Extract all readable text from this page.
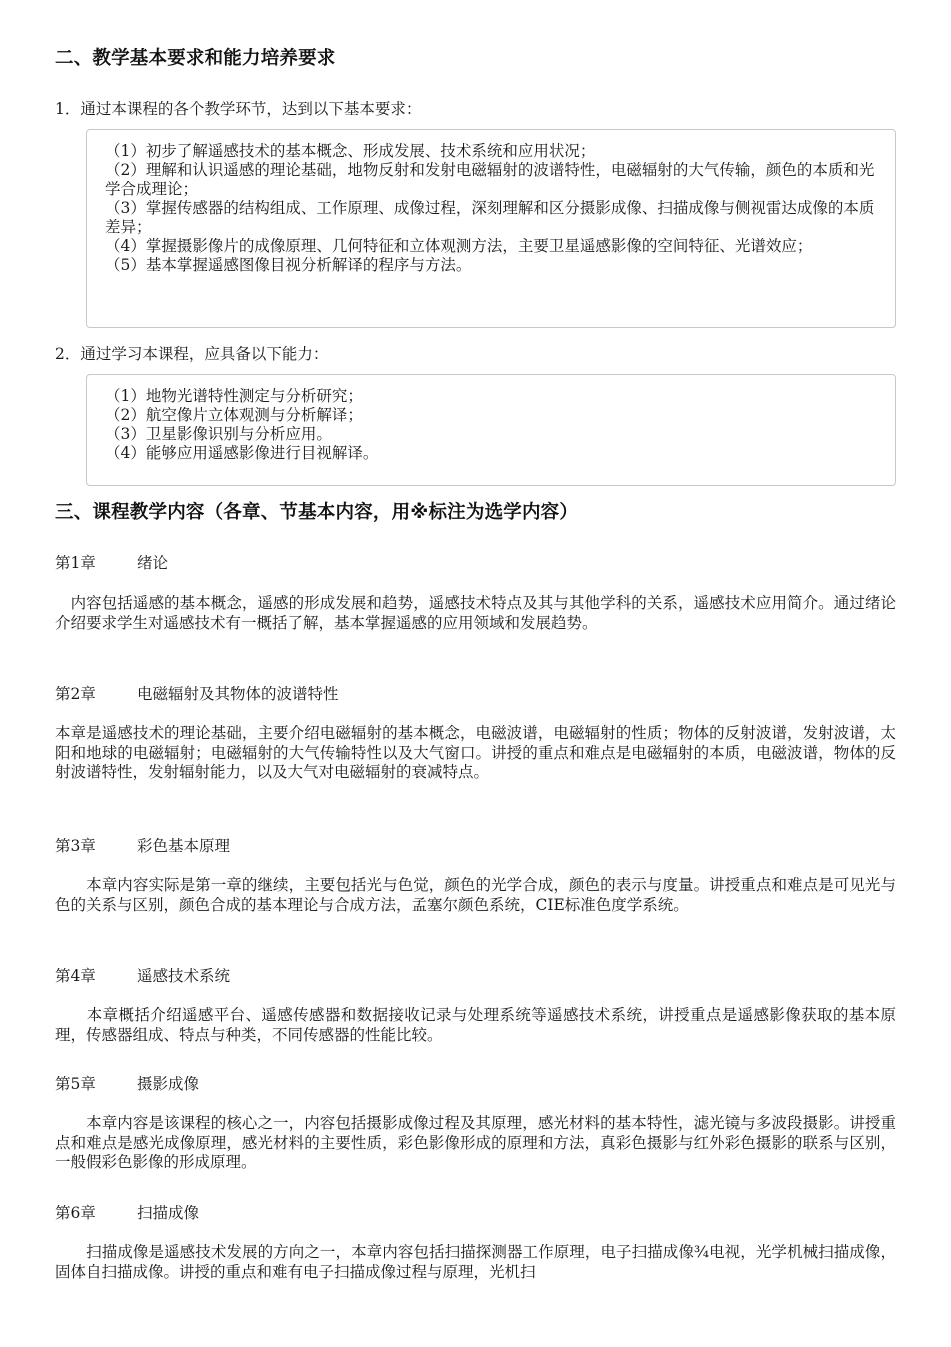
二、教学基本要求和能力培养要求
1．通过本课程的各个教学环节，达到以下基本要求：
（1）初步了解遥感技术的基本概念、形成发展、技术系统和应用状况；
（2）理解和认识遥感的理论基础，地物反射和发射电磁辐射的波谱特性，电磁辐射的大气传输，颜色的本质和光学合成理论；
（3）掌握传感器的结构组成、工作原理、成像过程，深刻理解和区分摄影成像、扫描成像与侧视雷达成像的本质差异；
（4）掌握摄影像片的成像原理、几何特征和立体观测方法，主要卫星遥感影像的空间特征、光谱效应；
（5）基本掌握遥感图像目视分析解译的程序与方法。
2．通过学习本课程，应具备以下能力：
（1）地物光谱特性测定与分析研究；
（2）航空像片立体观测与分析解译；
（3）卫星影像识别与分析应用。
（4）能够应用遥感影像进行目视解译。
三、课程教学内容（各章、节基本内容，用※标注为选学内容）
第1章	绪论
　内容包括遥感的基本概念，遥感的形成发展和趋势，遥感技术特点及其与其他学科的关系，遥感技术应用简介。通过绪论介绍要求学生对遥感技术有一概括了解，基本掌握遥感的应用领域和发展趋势。
第2章	电磁辐射及其物体的波谱特性
本章是遥感技术的理论基础，主要介绍电磁辐射的基本概念，电磁波谱，电磁辐射的性质；物体的反射波谱，发射波谱，太阳和地球的电磁辐射；电磁辐射的大气传输特性以及大气窗口。讲授的重点和难点是电磁辐射的本质，电磁波谱，物体的反射波谱特性，发射辐射能力，以及大气对电磁辐射的衰减特点。
第3章	彩色基本原理
　　本章内容实际是第一章的继续，主要包括光与色觉，颜色的光学合成，颜色的表示与度量。讲授重点和难点是可见光与色的关系与区别，颜色合成的基本理论与合成方法，孟塞尔颜色系统，CIE标准色度学系统。
第4章	遥感技术系统
　　本章概括介绍遥感平台、遥感传感器和数据接收记录与处理系统等遥感技术系统，讲授重点是遥感影像获取的基本原理，传感器组成、特点与种类，不同传感器的性能比较。
第5章	摄影成像
　　本章内容是该课程的核心之一，内容包括摄影成像过程及其原理，感光材料的基本特性，滤光镜与多波段摄影。讲授重点和难点是感光成像原理，感光材料的主要性质，彩色影像形成的原理和方法，真彩色摄影与红外彩色摄影的联系与区别，一般假彩色影像的形成原理。
第6章	扫描成像
　　扫描成像是遥感技术发展的方向之一，本章内容包括扫描探测器工作原理，电子扫描成像¾电视，光学机械扫描成像，固体自扫描成像。讲授的重点和难有电子扫描成像过程与原理，光机扫
